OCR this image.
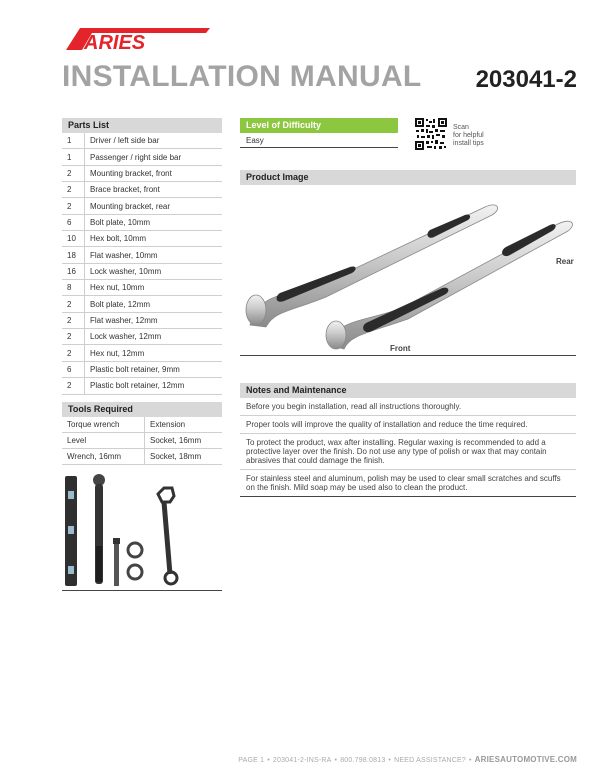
ARIES
INSTALLATION MANUAL 203041-2
Parts List
1	Driver / left side bar
1	Passenger / right side bar
2	Mounting bracket, front
2	Brace bracket, front
2	Mounting bracket, rear
6	Bolt plate, 10mm
10	Hex bolt, 10mm
18	Flat washer, 10mm
16	Lock washer, 10mm
8	Hex nut, 10mm
2	Bolt plate, 12mm
2	Flat washer, 12mm
2	Lock washer, 12mm
2	Hex nut, 12mm
6	Plastic bolt retainer, 9mm
2	Plastic bolt retainer, 12mm
Tools Required
Torque wrench	Extension
Level	Socket, 16mm
Wrench, 16mm	Socket, 18mm
Level of Difficulty
Easy
Scan
for helpful
install tips
Product Image
Rear
Front
Notes and Maintenance
Before you begin installation, read all instructions thoroughly.
Proper tools will improve the quality of installation and reduce the time required.
To protect the product, wax after installing. Regular waxing is recommended to add a protective layer over the finish. Do not use any type of polish or wax that may contain abrasives that could damage the finish.
For stainless steel and aluminum, polish may be used to clear small scratches and scuffs on the finish. Mild soap may be used also to clean the product.
PAGE 1 • 203041-2-INS-RA • 800.798.0813 • NEED ASSISTANCE? • ARIESAUTOMOTIVE.COM
